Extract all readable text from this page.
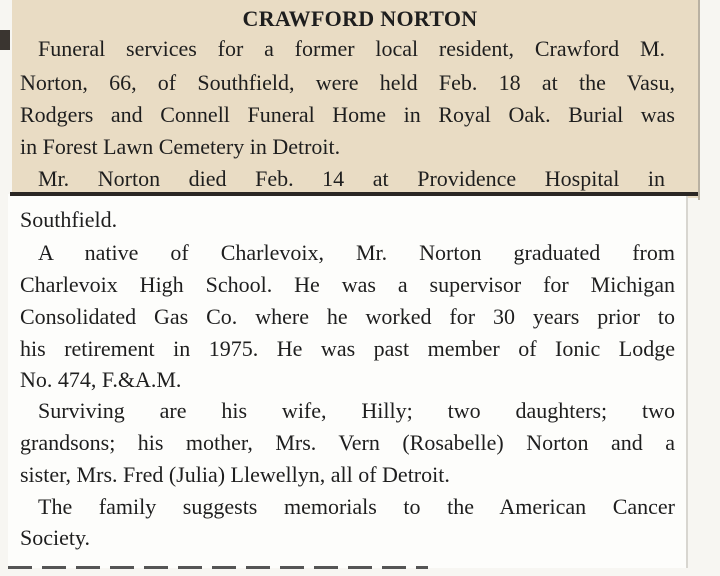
CRAWFORD NORTON
Funeral services for a former local resident, Crawford M.
Norton, 66, of Southfield, were held Feb. 18 at the Vasu,
Rodgers and Connell Funeral Home in Royal Oak. Burial was
in Forest Lawn Cemetery in Detroit.
Mr. Norton died Feb. 14 at Providence Hospital in
Southfield.
A native of Charlevoix, Mr. Norton graduated from
Charlevoix High School. He was a supervisor for Michigan
Consolidated Gas Co. where he worked for 30 years prior to
his retirement in 1975. He was past member of Ionic Lodge
No. 474, F.&A.M.
Surviving are his wife, Hilly; two daughters; two
grandsons; his mother, Mrs. Vern (Rosabelle) Norton and a
sister, Mrs. Fred (Julia) Llewellyn, all of Detroit.
The family suggests memorials to the American Cancer
Society.
